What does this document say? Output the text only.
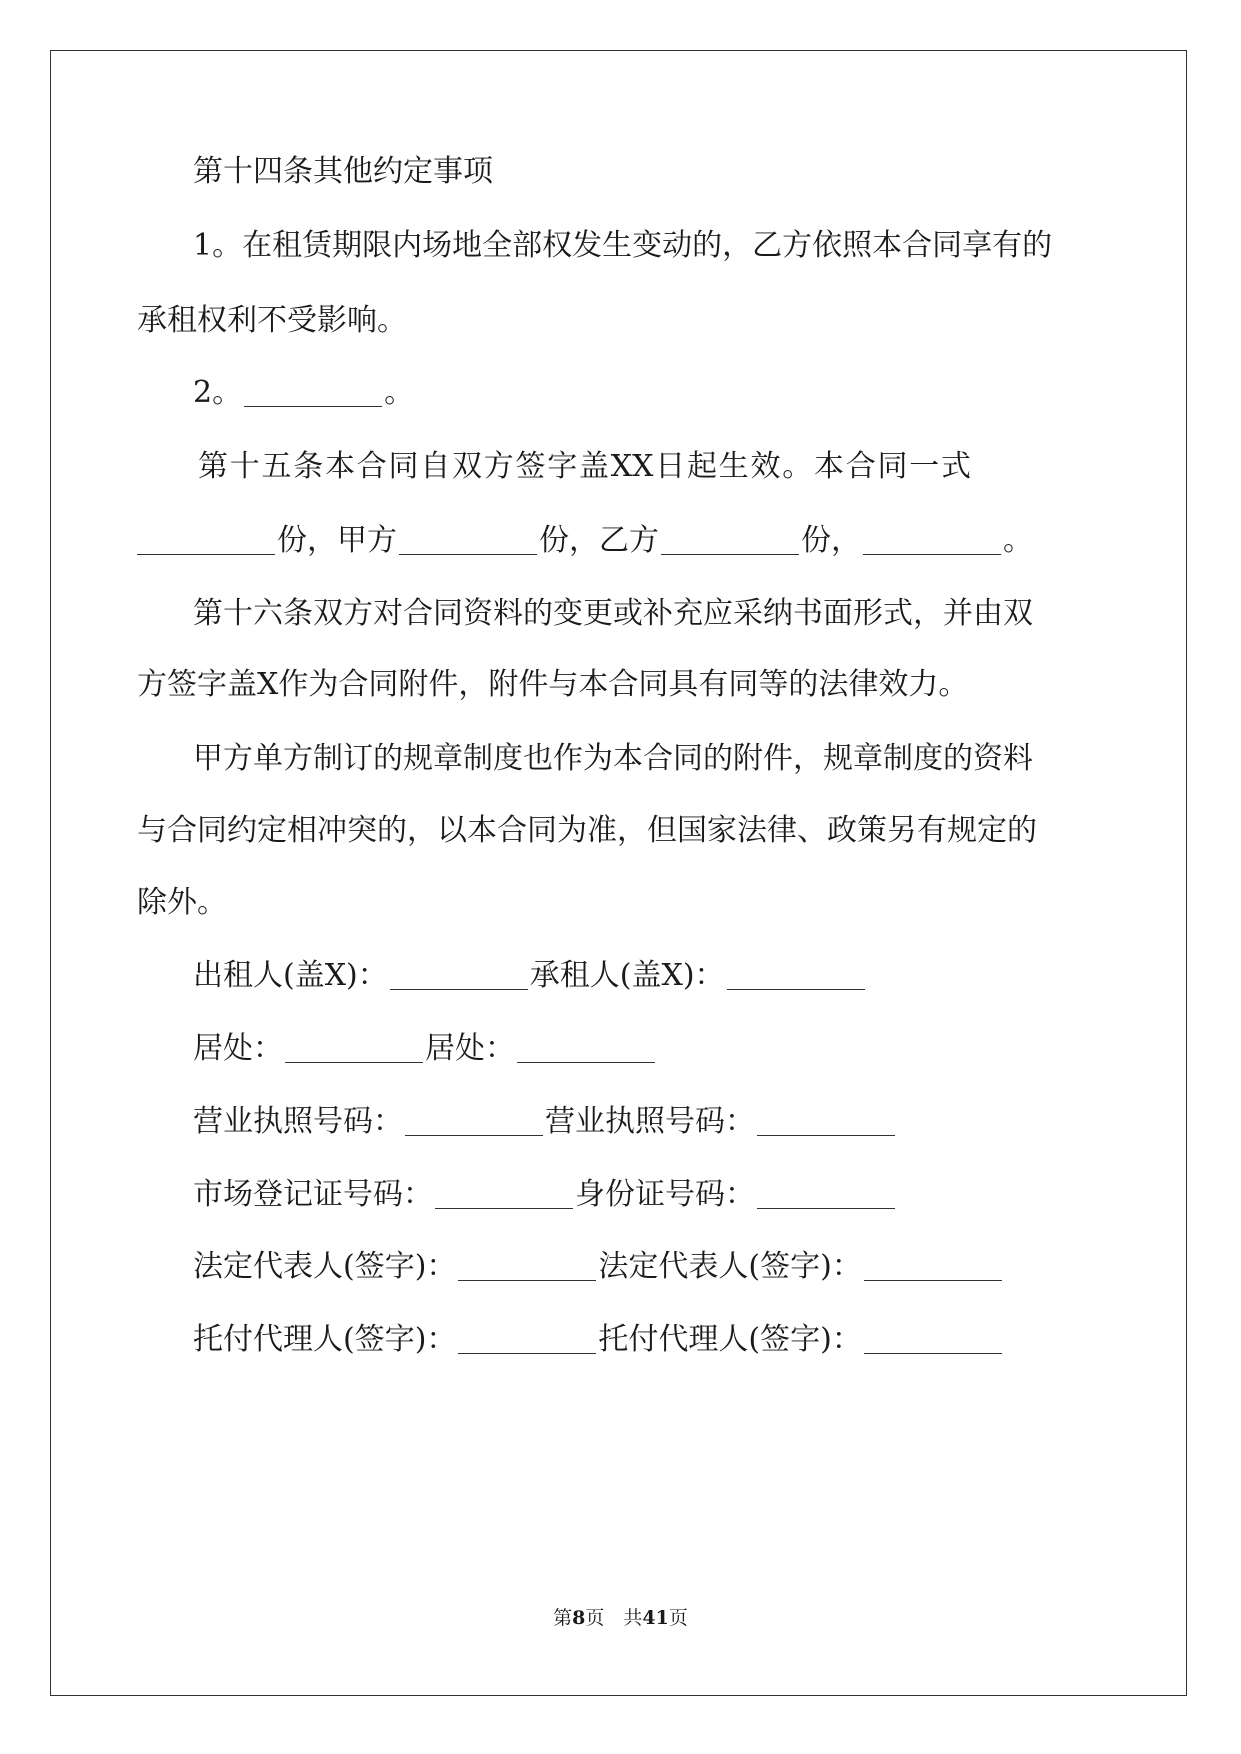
第十四条其他约定事项
1。在租赁期限内场地全部权发生变动的，乙方依照本合同享有的
承租权利不受影响。
2。	。
第十五条本合同自双方签字盖XX日起生效。本合同一式
份，甲方	份，乙方	份，	。
第十六条双方对合同资料的变更或补充应采纳书面形式，并由双
方签字盖X作为合同附件，附件与本合同具有同等的法律效力。
甲方单方制订的规章制度也作为本合同的附件，规章制度的资料
与合同约定相冲突的，以本合同为准，但国家法律、政策另有规定的
除外。
出租人(盖X)：	承租人(盖X)：
居处：	居处：
营业执照号码：	营业执照号码：
市场登记证号码：	身份证号码：
法定代表人(签字)：	法定代表人(签字)：
托付代理人(签字)：	托付代理人(签字)：
第8页　共41页
